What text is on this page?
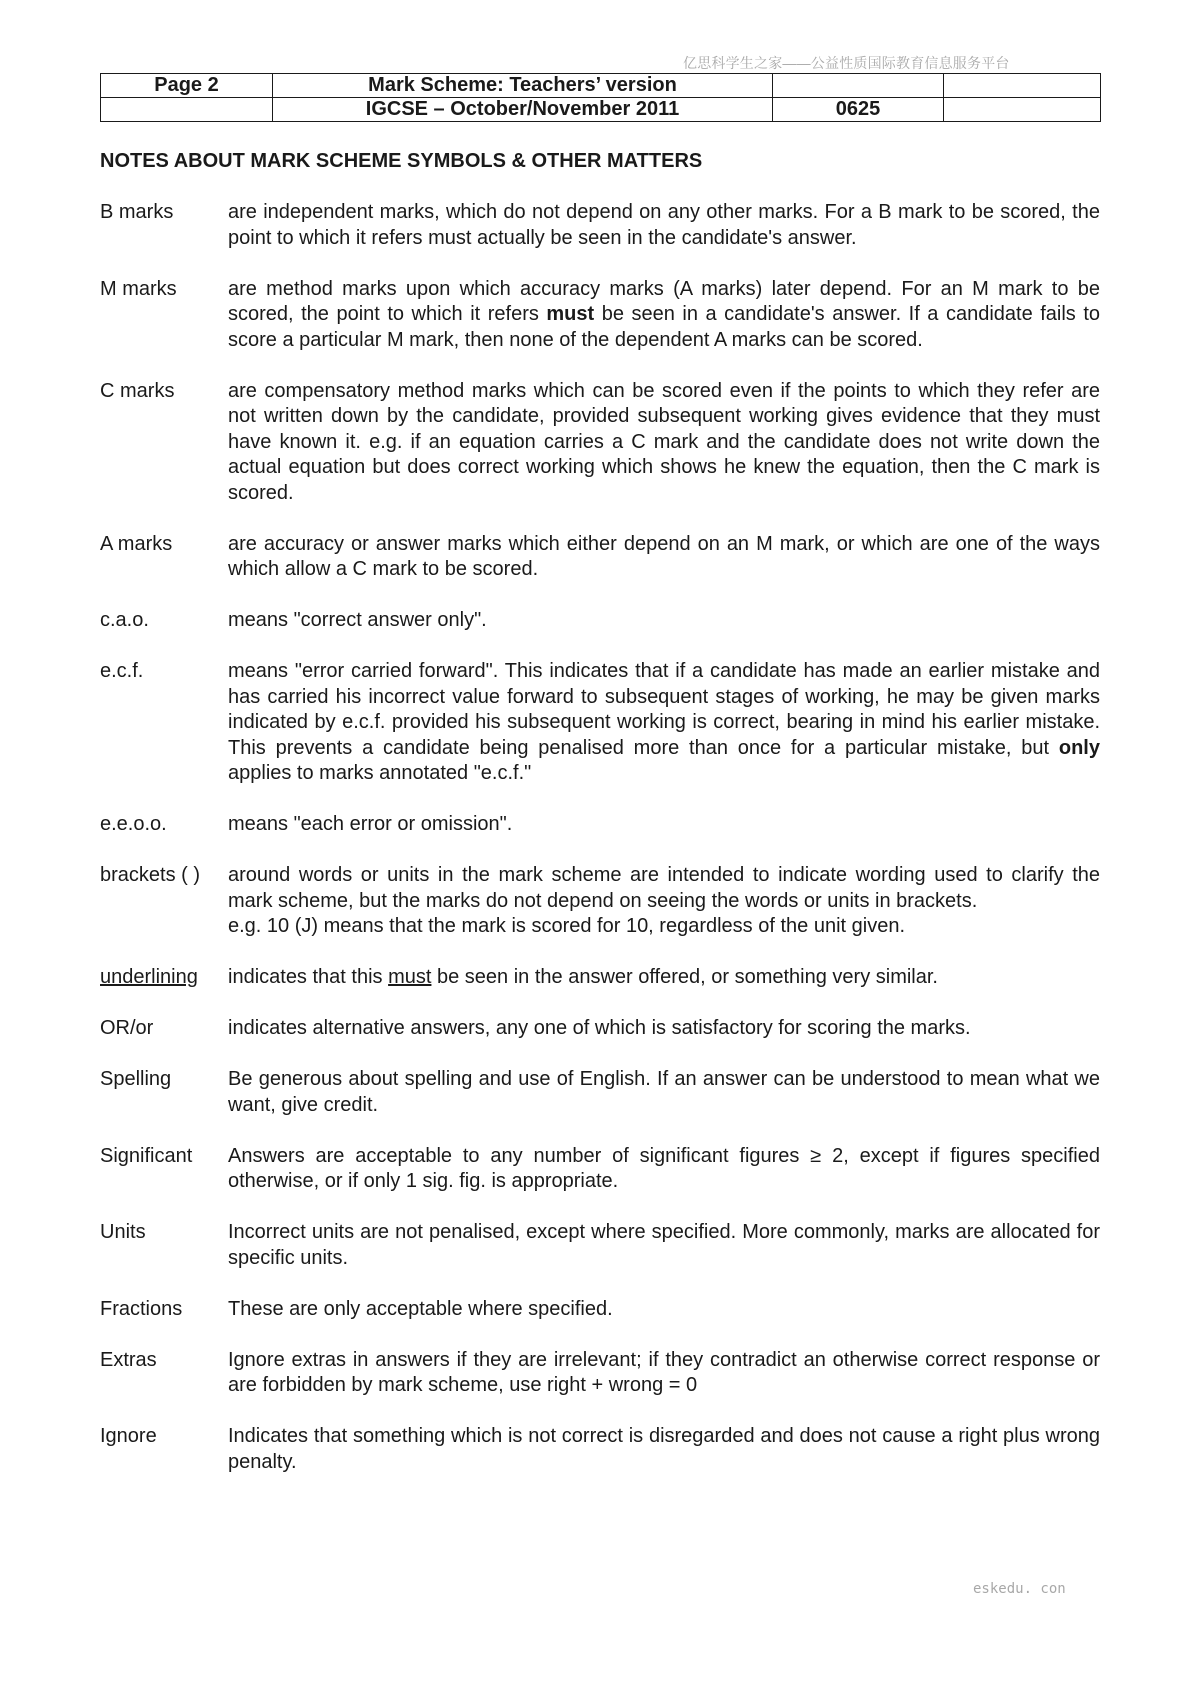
亿思科学生之家——公益性质国际教育信息服务平台
Page 2	Mark Scheme: Teachers’ version		
	IGCSE – October/November 2011	0625	
NOTES ABOUT MARK SCHEME SYMBOLS & OTHER MATTERS
B marks	are independent marks, which do not depend on any other marks. For a B mark to be scored, the point to which it refers must actually be seen in the candidate's answer.
M marks	are method marks upon which accuracy marks (A marks) later depend. For an M mark to be scored, the point to which it refers must be seen in a candidate's answer. If a candidate fails to score a particular M mark, then none of the dependent A marks can be scored.
C marks	are compensatory method marks which can be scored even if the points to which they refer are not written down by the candidate, provided subsequent working gives evidence that they must have known it. e.g. if an equation carries a C mark and the candidate does not write down the actual equation but does correct working which shows he knew the equation, then the C mark is scored.
A marks	are accuracy or answer marks which either depend on an M mark, or which are one of the ways which allow a C mark to be scored.
c.a.o.	means "correct answer only".
e.c.f.	means "error carried forward". This indicates that if a candidate has made an earlier mistake and has carried his incorrect value forward to subsequent stages of working, he may be given marks indicated by e.c.f. provided his subsequent working is correct, bearing in mind his earlier mistake. This prevents a candidate being penalised more than once for a particular mistake, but only applies to marks annotated "e.c.f."
e.e.o.o.	means "each error or omission".
brackets ( )	around words or units in the mark scheme are intended to indicate wording used to clarify the mark scheme, but the marks do not depend on seeing the words or units in brackets.

e.g. 10 (J) means that the mark is scored for 10, regardless of the unit given.

underlining	indicates that this must be seen in the answer offered, or something very similar.
OR/or	indicates alternative answers, any one of which is satisfactory for scoring the marks.
Spelling	Be generous about spelling and use of English. If an answer can be understood to mean what we want, give credit.
Significant	Answers are acceptable to any number of significant figures ≥ 2, except if figures specified otherwise, or if only 1 sig. fig. is appropriate.
Units	Incorrect units are not penalised, except where specified. More commonly, marks are allocated for specific units.
Fractions	These are only acceptable where specified.
Extras	Ignore extras in answers if they are irrelevant; if they contradict an otherwise correct response or are forbidden by mark scheme, use right + wrong = 0
Ignore	Indicates that something which is not correct is disregarded and does not cause a right plus wrong penalty.
eskedu. con
